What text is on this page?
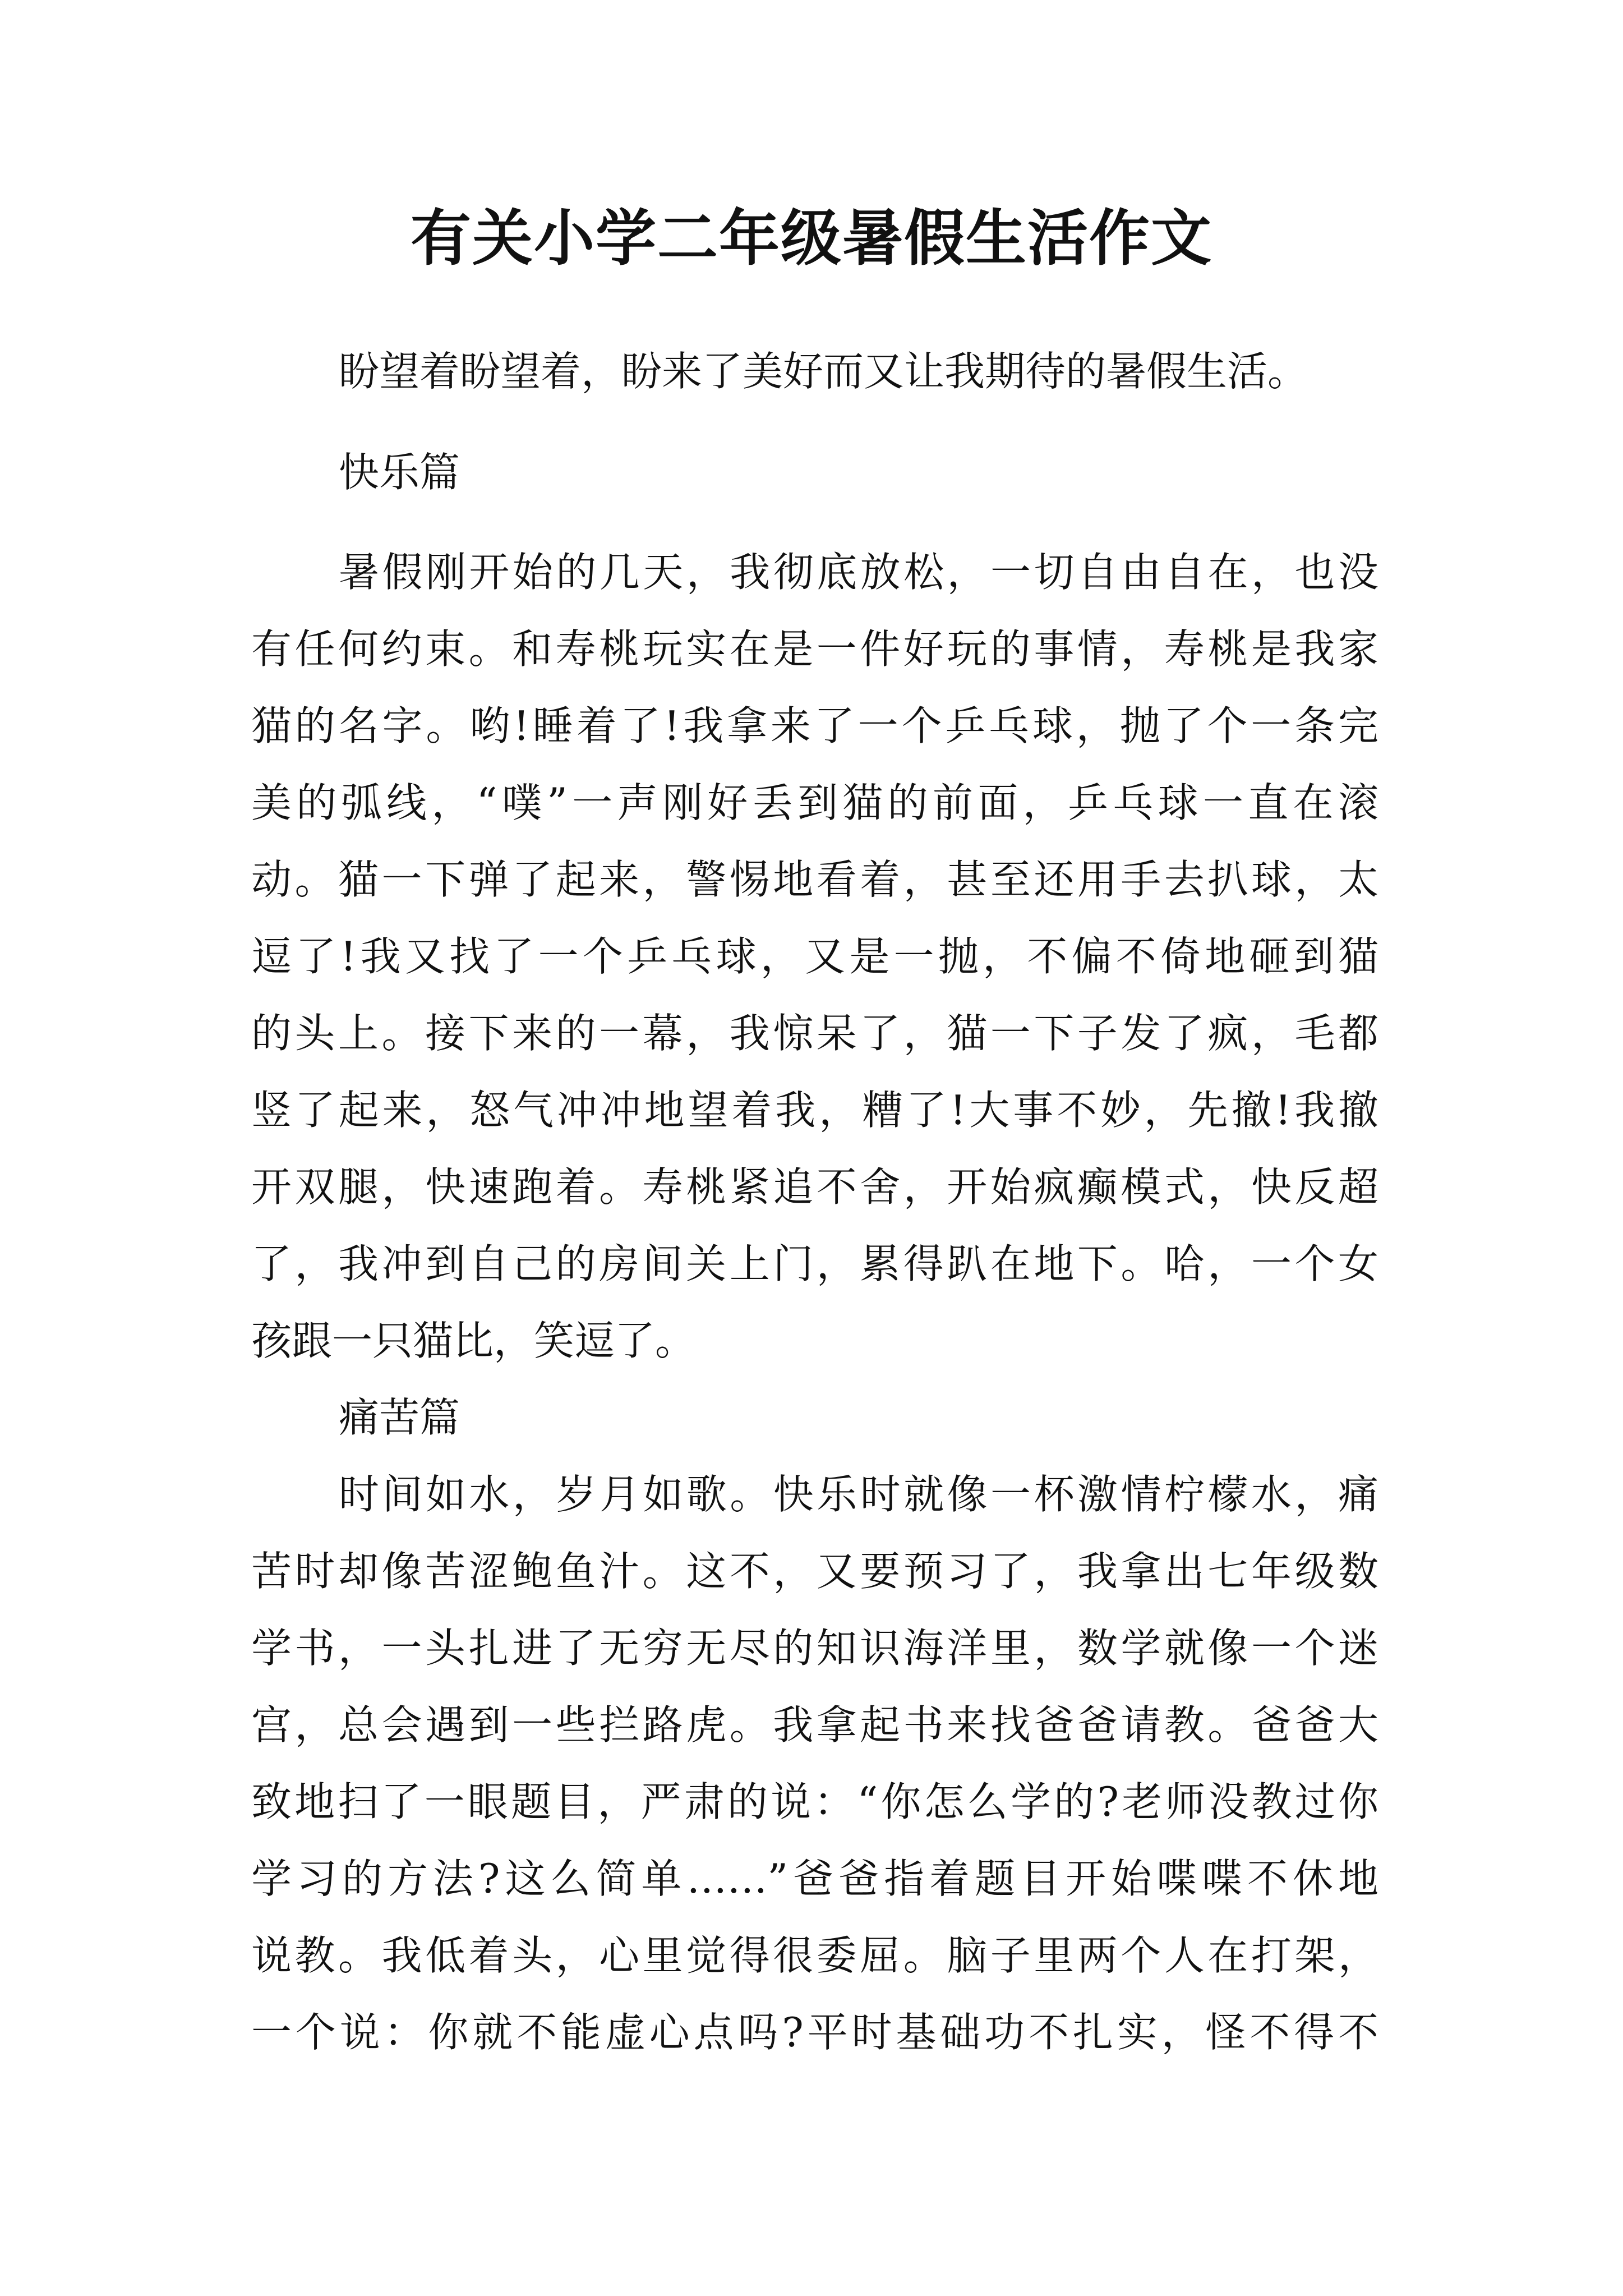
有关小学二年级暑假生活作文
盼望着盼望着，盼来了美好而又让我期待的暑假生活。
快乐篇
暑假刚开始的几天，我彻底放松，一切自由自在，也没
有任何约束。和寿桃玩实在是一件好玩的事情，寿桃是我家
猫的名字。哟!睡着了!我拿来了一个乒乓球，抛了个一条完
美的弧线，“噗”一声刚好丢到猫的前面，乒乓球一直在滚
动。猫一下弹了起来，警惕地看着，甚至还用手去扒球，太
逗了!我又找了一个乒乓球，又是一抛，不偏不倚地砸到猫
的头上。接下来的一幕，我惊呆了，猫一下子发了疯，毛都
竖了起来，怒气冲冲地望着我，糟了!大事不妙，先撤!我撤
开双腿，快速跑着。寿桃紧追不舍，开始疯癫模式，快反超
了，我冲到自己的房间关上门，累得趴在地下。哈，一个女
孩跟一只猫比，笑逗了。
痛苦篇
时间如水，岁月如歌。快乐时就像一杯激情柠檬水，痛
苦时却像苦涩鲍鱼汁。这不，又要预习了，我拿出七年级数
学书，一头扎进了无穷无尽的知识海洋里，数学就像一个迷
宫，总会遇到一些拦路虎。我拿起书来找爸爸请教。爸爸大
致地扫了一眼题目，严肃的说：“你怎么学的?老师没教过你
学习的方法?这么简单……”爸爸指着题目开始喋喋不休地
说教。我低着头，心里觉得很委屈。脑子里两个人在打架，
一个说：你就不能虚心点吗?平时基础功不扎实，怪不得不
